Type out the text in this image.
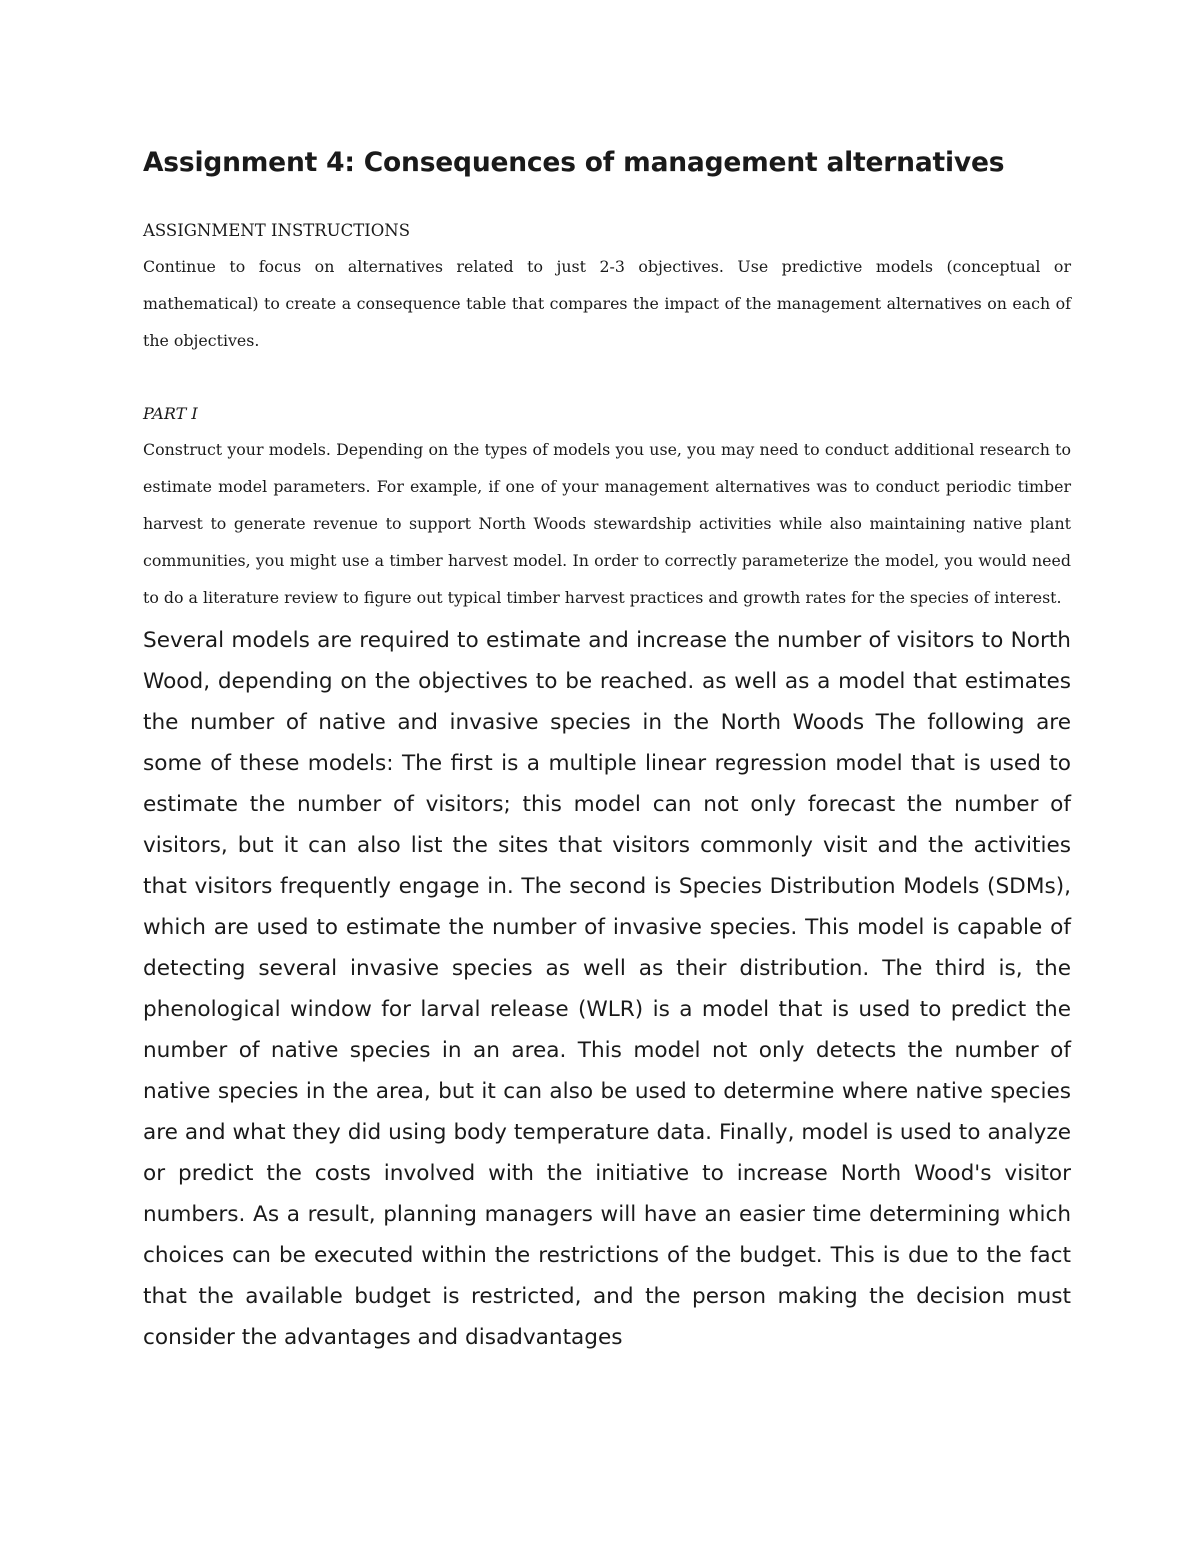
Assignment 4: Consequences of management alternatives

ASSIGNMENT INSTRUCTIONS

Continue to focus on alternatives related to just 2-3 objectives. Use predictive models (conceptual or mathematical) to create a consequence table that compares the impact of the management alternatives on each of the objectives.

PART I

Construct your models. Depending on the types of models you use, you may need to conduct additional research to estimate model parameters. For example, if one of your management alternatives was to conduct periodic timber harvest to generate revenue to support North Woods stewardship activities while also maintaining native plant communities, you might use a timber harvest model. In order to correctly parameterize the model, you would need to do a literature review to figure out typical timber harvest practices and growth rates for the species of interest.

Several models are required to estimate and increase the number of visitors to North Wood, depending on the objectives to be reached. as well as a model that estimates the number of native and invasive species in the North Woods The following are some of these models: The first is a multiple linear regression model that is used to estimate the number of visitors; this model can not only forecast the number of visitors, but it can also list the sites that visitors commonly visit and the activities that visitors frequently engage in. The second is Species Distribution Models (SDMs), which are used to estimate the number of invasive species. This model is capable of detecting several invasive species as well as their distribution. The third is, the phenological window for larval release (WLR) is a model that is used to predict the number of native species in an area. This model not only detects the number of native species in the area, but it can also be used to determine where native species are and what they did using body temperature data. Finally, model is used to analyze or predict the costs involved with the initiative to increase North Wood's visitor numbers. As a result, planning managers will have an easier time determining which choices can be executed within the restrictions of the budget. This is due to the fact that the available budget is restricted, and the person making the decision must consider the advantages and disadvantages
